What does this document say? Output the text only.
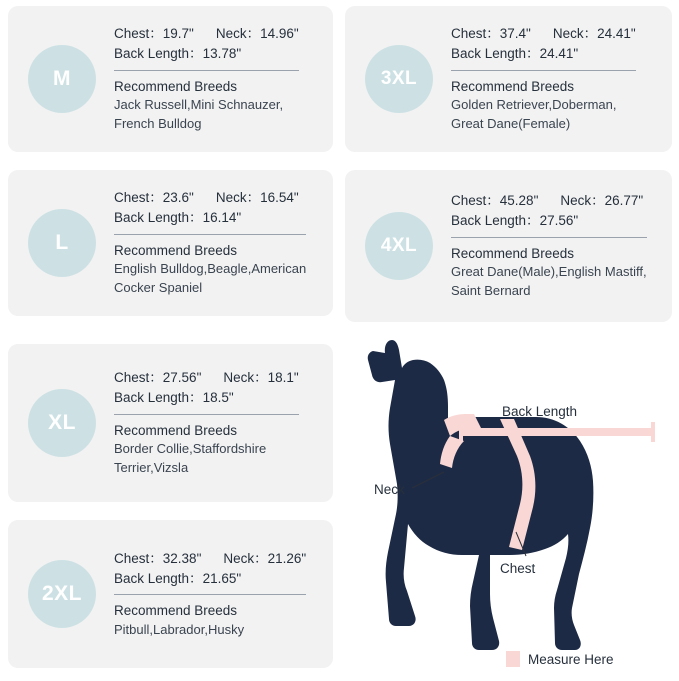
M
Chest：19.7" Neck：14.96"
Back Length：13.78"
Recommend Breeds
Jack Russell,Mini Schnauzer,
French Bulldog
L
Chest：23.6" Neck：16.54"
Back Length：16.14"
Recommend Breeds
English Bulldog,Beagle,American
Cocker Spaniel
XL
Chest：27.56" Neck：18.1"
Back Length：18.5"
Recommend Breeds
Border Collie,Staffordshire
Terrier,Vizsla
2XL
Chest：32.38" Neck：21.26"
Back Length：21.65"
Recommend Breeds
Pitbull,Labrador,Husky
3XL
Chest：37.4" Neck：24.41"
Back Length：24.41"
Recommend Breeds
Golden Retriever,Doberman,
Great Dane(Female)
4XL
Chest：45.28" Neck：26.77"
Back Length：27.56"
Recommend Breeds
Great Dane(Male),English Mastiff,
Saint Bernard
Back Length
Neck
Chest
Measure Here
